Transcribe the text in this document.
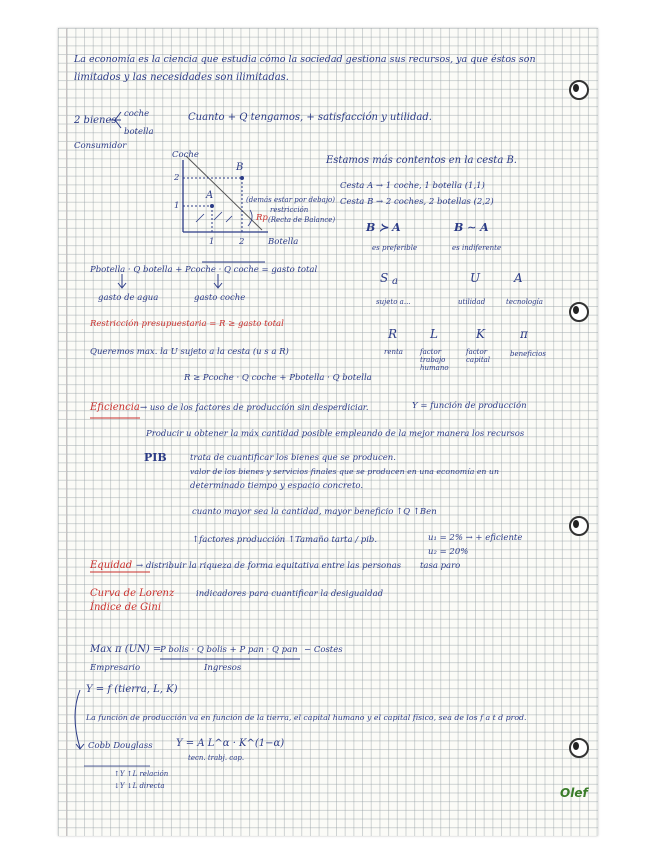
La economía es la ciencia que estudia cómo la sociedad gestiona sus recursos, ya que éstos son
limitados y las necesidades son ilimitadas.
2 bienes
coche
botella
Consumidor
Cuanto + Q tengamos, + satisfacción y utilidad.
Coche
2
1
1	2	Botella
A
B
Rp
(demás estar por debajo)
restricción
(Recta de Balance)
Estamos más contentos en la cesta B.
Cesta A → 1 coche, 1 botella (1,1)
Cesta B → 2 coches, 2 botellas (2,2)
B ≻ A
es preferible
B ∼ A
es indiferente
S a
sujeto a...
U
utilidad
A
tecnología
Pbotella · Q botella + Pcoche · Q coche = gasto total
gasto de agua	gasto coche
Restricción presupuestaria = R ≥ gasto total
R
renta
L
factor trabajo humano
K
factor capital
π
beneficios
Queremos max. la U sujeto a la cesta (u s a R)
R ≥ Pcoche · Q coche + Pbotella · Q botella
Eficiencia → uso de los factores de producción sin desperdiciar.	Y = función de producción
Producir u obtener la máx cantidad posible empleando de la mejor manera los recursos
PIB	trata de cuantificar los bienes que se producen.
valor de los bienes y servicios finales que se producen en una economía en un
determinado tiempo y espacio concreto.
cuanto mayor sea la cantidad, mayor beneficio ↑Q ↑Ben
↑factores producción ↑Tamaño tarta / pib.	u₁ = 2% → + eficiente
u₂ = 20%
tasa paro
Equidad → distribuir la riqueza de forma equitativa entre las personas
Curva de Lorenz
Índice de Gini
indicadores para cuantificar la desigualdad
Max π (UN) =
P bolis · Q bolis + P pan · Q pan − Costes
Empresario	Ingresos
Y = f (tierra, L, K)
La función de producción va en función de la tierra, el capital humano y el capital físico, sea de los f a t d prod.
Cobb Douglass Y = A L^α · K^(1−α)
tecn. trabj. cap.
↑Y ↑L relación
↓Y ↓L directa	Olef
